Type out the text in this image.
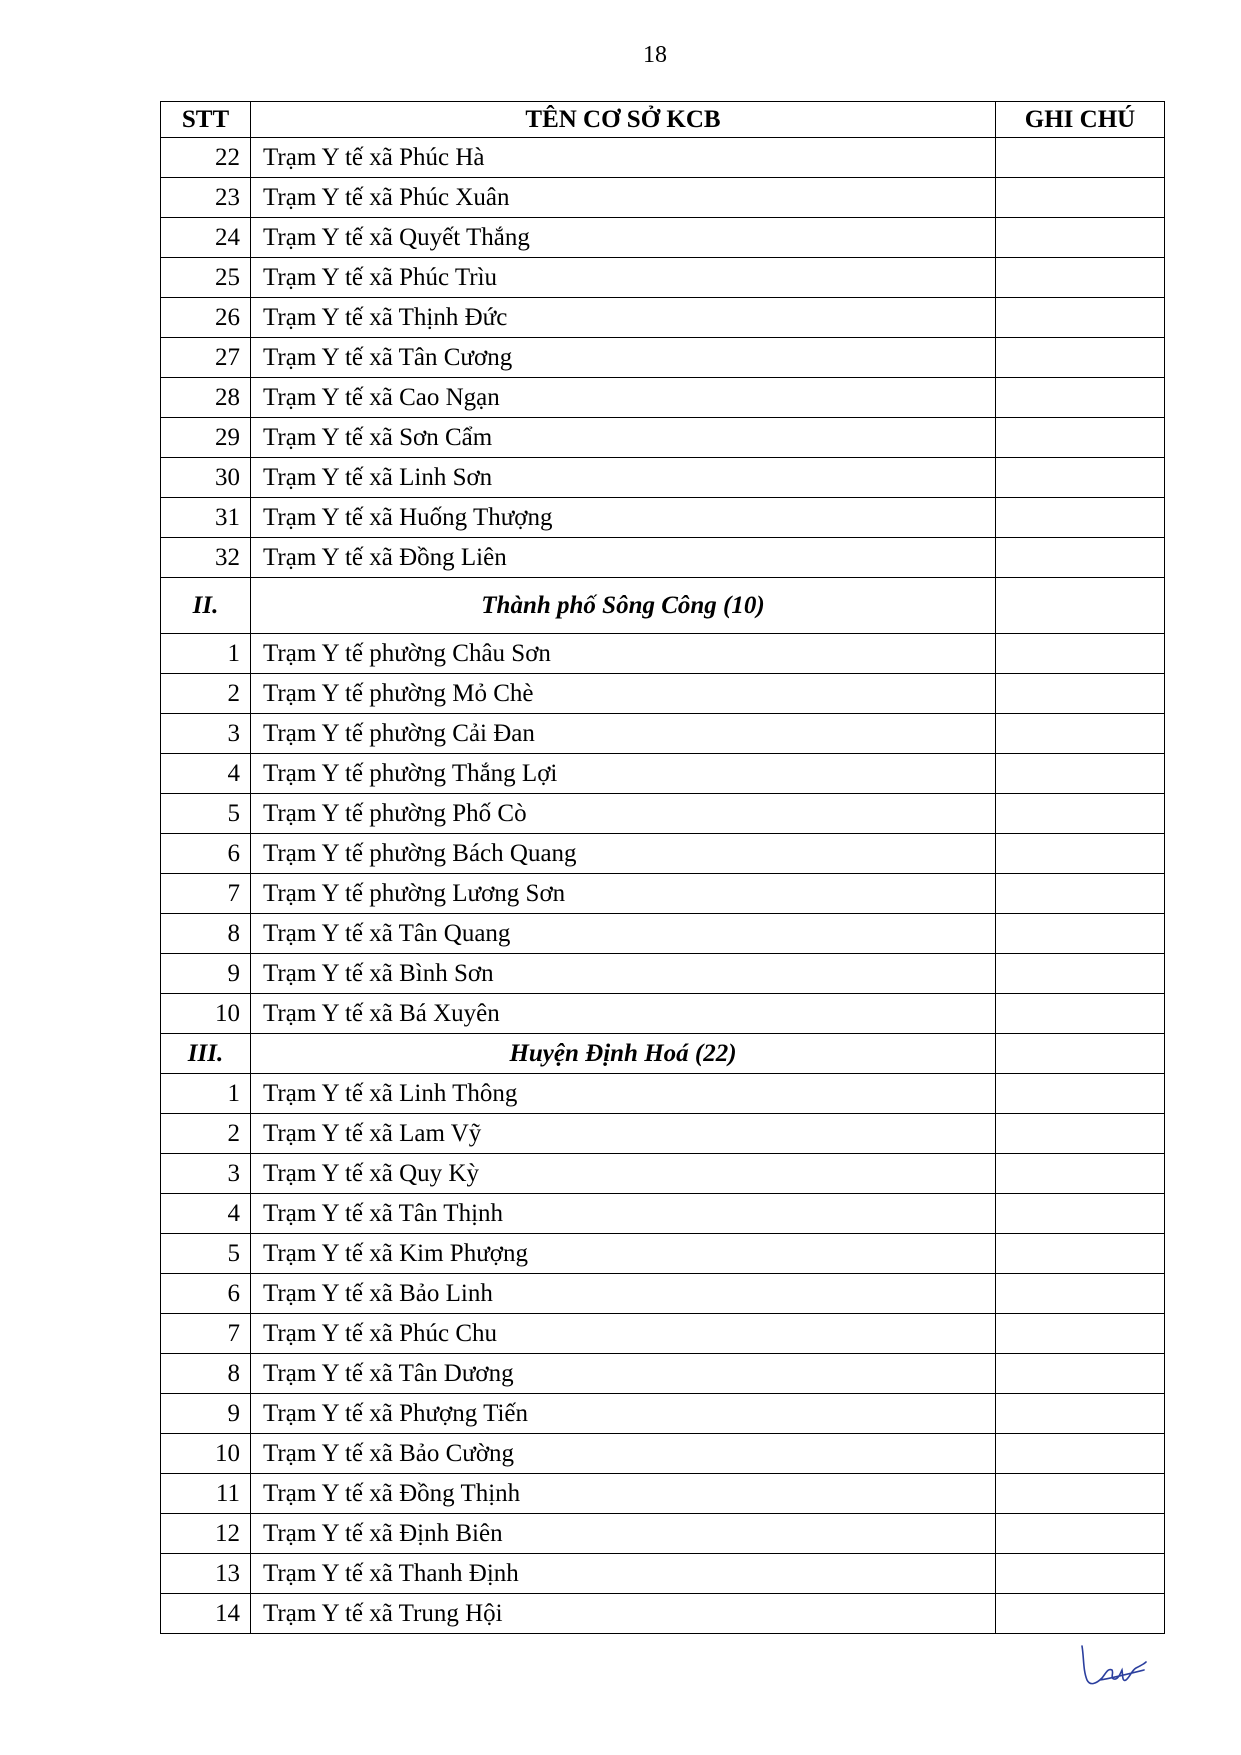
18
STT	TÊN CƠ SỞ KCB	GHI CHÚ
22	Trạm Y tế xã Phúc Hà	
23	Trạm Y tế xã Phúc Xuân	
24	Trạm Y tế xã Quyết Thắng	
25	Trạm Y tế xã Phúc Trìu	
26	Trạm Y tế xã Thịnh Đức	
27	Trạm Y tế xã Tân Cương	
28	Trạm Y tế xã Cao Ngạn	
29	Trạm Y tế xã Sơn Cẩm	
30	Trạm Y tế xã Linh Sơn	
31	Trạm Y tế xã Huống Thượng	
32	Trạm Y tế xã Đồng Liên	
II.	Thành phố Sông Công (10)	
1	Trạm Y tế phường Châu Sơn	
2	Trạm Y tế phường Mỏ Chè	
3	Trạm Y tế phường Cải Đan	
4	Trạm Y tế phường Thắng Lợi	
5	Trạm Y tế phường Phố Cò	
6	Trạm Y tế phường Bách Quang	
7	Trạm Y tế phường Lương Sơn	
8	Trạm Y tế xã Tân Quang	
9	Trạm Y tế xã Bình Sơn	
10	Trạm Y tế xã Bá Xuyên	
III.	Huyện Định Hoá (22)	
1	Trạm Y tế xã Linh Thông	
2	Trạm Y tế xã Lam Vỹ	
3	Trạm Y tế xã Quy Kỳ	
4	Trạm Y tế xã Tân Thịnh	
5	Trạm Y tế xã Kim Phượng	
6	Trạm Y tế xã Bảo Linh	
7	Trạm Y tế xã Phúc Chu	
8	Trạm Y tế xã Tân Dương	
9	Trạm Y tế xã Phượng Tiến	
10	Trạm Y tế xã Bảo Cường	
11	Trạm Y tế xã Đồng Thịnh	
12	Trạm Y tế xã Định Biên	
13	Trạm Y tế xã Thanh Định	
14	Trạm Y tế xã Trung Hội	
